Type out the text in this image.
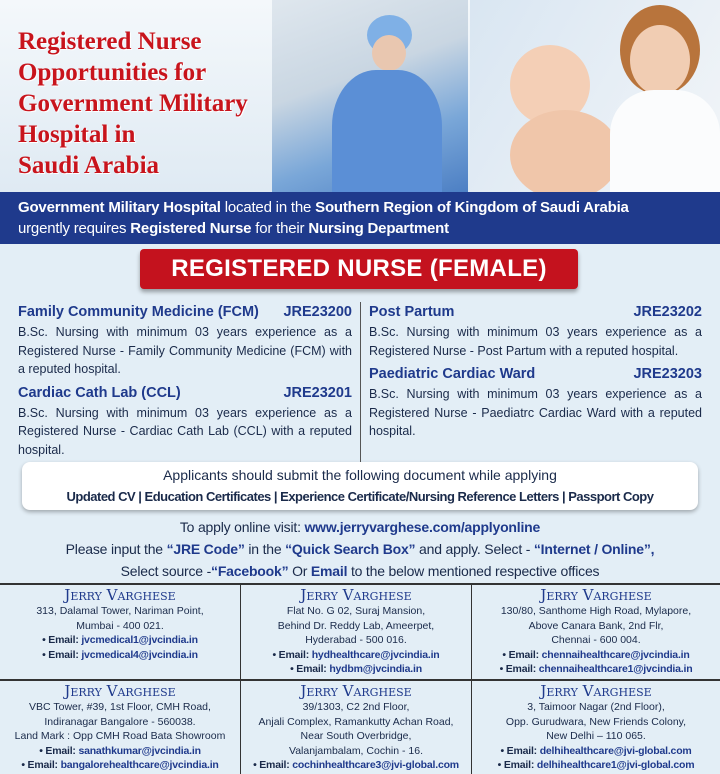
Registered Nurse
Opportunities for
Government Military
Hospital in
Saudi Arabia
Government Military Hospital located in the Southern Region of Kingdom of Saudi Arabia
urgently requires Registered Nurse for their Nursing Department
REGISTERED NURSE (FEMALE)
Family Community Medicine (FCM) JRE23200
B.Sc. Nursing with minimum 03 years experience as a Registered Nurse - Family Community Medicine (FCM) with a reputed hospital.
Cardiac Cath Lab (CCL)	JRE23201
B.Sc. Nursing with minimum 03 years experience as a Registered Nurse - Cardiac Cath Lab (CCL) with a reputed hospital.
Post Partum	JRE23202
B.Sc. Nursing with minimum 03 years experience as a Registered Nurse - Post Partum with a reputed hospital.
Paediatric Cardiac Ward	JRE23203
B.Sc. Nursing with minimum 03 years experience as a Registered Nurse - Paediatrc Cardiac Ward with a reputed hospital.
Applicants should submit the following document while applying
Updated CV | Education Certificates | Experience Certificate/Nursing Reference Letters | Passport Copy
To apply online visit: www.jerryvarghese.com/applyonline
Please input the “JRE Code” in the “Quick Search Box” and apply. Select - “Internet / Online”,
Select source -“Facebook” Or Email to the below mentioned respective offices
Jerry Varghese
313, Dalamal Tower, Nariman Point,
Mumbai - 400 021.
• Email: jvcmedical1@jvcindia.in
• Email: jvcmedical4@jvcindia.in
Jerry Varghese
Flat No. G 02, Suraj Mansion,
Behind Dr. Reddy Lab, Ameerpet,
Hyderabad - 500 016.
• Email: hydhealthcare@jvcindia.in
• Email: hydbm@jvcindia.in
Jerry Varghese
130/80, Santhome High Road, Mylapore,
Above Canara Bank, 2nd Flr,
Chennai - 600 004.
• Email: chennaihealthcare@jvcindia.in
• Email: chennaihealthcare1@jvcindia.in
Jerry Varghese
VBC Tower, #39, 1st Floor, CMH Road,
Indiranagar Bangalore - 560038.
Land Mark : Opp CMH Road Bata Showroom
• Email: sanathkumar@jvcindia.in
• Email: bangalorehealthcare@jvcindia.in
Jerry Varghese
39/1303, C2 2nd Floor,
Anjali Complex, Ramankutty Achan Road,
Near South Overbridge,
Valanjambalam, Cochin - 16.
• Email: cochinhealthcare3@jvi-global.com
Jerry Varghese
3, Taimoor Nagar (2nd Floor),
Opp. Gurudwara, New Friends Colony,
New Delhi – 110 065.
• Email: delhihealthcare@jvi-global.com
• Email: delhihealthcare1@jvi-global.com
